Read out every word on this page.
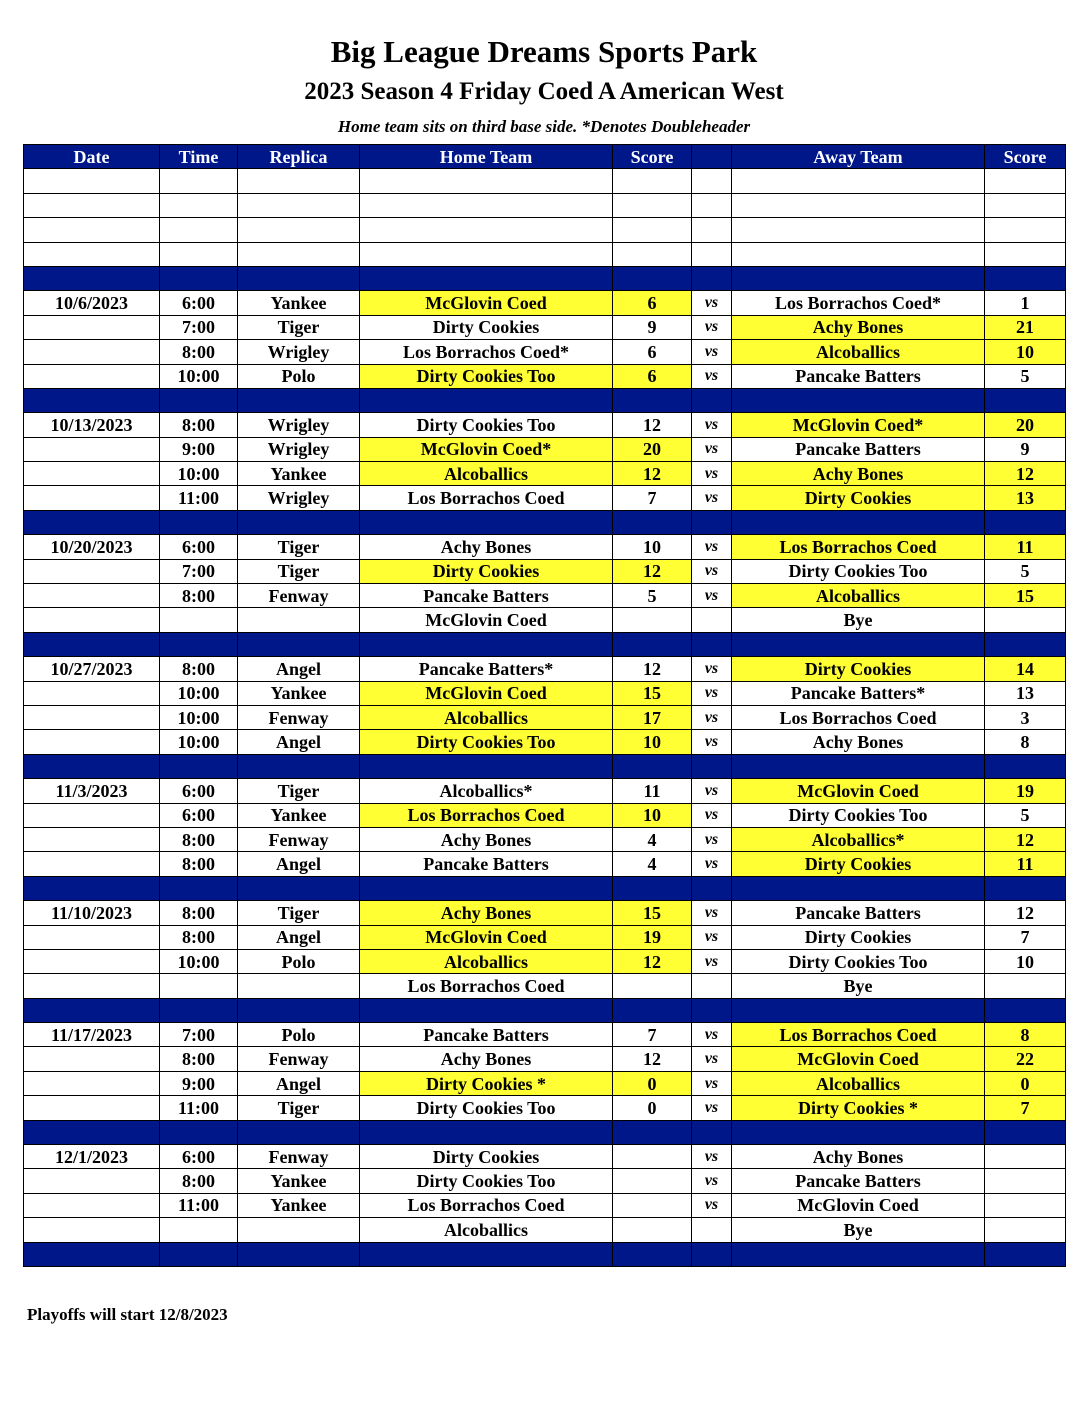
Big League Dreams Sports Park
2023 Season 4 Friday Coed A American West
Home team sits on third base side. *Denotes Doubleheader
Date	Time	Replica	Home Team	Score		Away Team	Score

10/6/2023	6:00	Yankee	McGlovin Coed	6	vs	Los Borrachos Coed*	1
	7:00	Tiger	Dirty Cookies	9	vs	Achy Bones	21
	8:00	Wrigley	Los Borrachos Coed*	6	vs	Alcoballics	10
	10:00	Polo	Dirty Cookies Too	6	vs	Pancake Batters	5

10/13/2023	8:00	Wrigley	Dirty Cookies Too	12	vs	McGlovin Coed*	20
	9:00	Wrigley	McGlovin Coed*	20	vs	Pancake Batters	9
	10:00	Yankee	Alcoballics	12	vs	Achy Bones	12
	11:00	Wrigley	Los Borrachos Coed	7	vs	Dirty Cookies	13

10/20/2023	6:00	Tiger	Achy Bones	10	vs	Los Borrachos Coed	11
	7:00	Tiger	Dirty Cookies	12	vs	Dirty Cookies Too	5
	8:00	Fenway	Pancake Batters	5	vs	Alcoballics	15
			McGlovin Coed			Bye	

10/27/2023	8:00	Angel	Pancake Batters*	12	vs	Dirty Cookies	14
	10:00	Yankee	McGlovin Coed	15	vs	Pancake Batters*	13
	10:00	Fenway	Alcoballics	17	vs	Los Borrachos Coed	3
	10:00	Angel	Dirty Cookies Too	10	vs	Achy Bones	8

11/3/2023	6:00	Tiger	Alcoballics*	11	vs	McGlovin Coed	19
	6:00	Yankee	Los Borrachos Coed	10	vs	Dirty Cookies Too	5
	8:00	Fenway	Achy Bones	4	vs	Alcoballics*	12
	8:00	Angel	Pancake Batters	4	vs	Dirty Cookies	11

11/10/2023	8:00	Tiger	Achy Bones	15	vs	Pancake Batters	12
	8:00	Angel	McGlovin Coed	19	vs	Dirty Cookies	7
	10:00	Polo	Alcoballics	12	vs	Dirty Cookies Too	10
			Los Borrachos Coed			Bye	

11/17/2023	7:00	Polo	Pancake Batters	7	vs	Los Borrachos Coed	8
	8:00	Fenway	Achy Bones	12	vs	McGlovin Coed	22
	9:00	Angel	Dirty Cookies *	0	vs	Alcoballics	0
	11:00	Tiger	Dirty Cookies Too	0	vs	Dirty Cookies *	7

12/1/2023	6:00	Fenway	Dirty Cookies		vs	Achy Bones	
	8:00	Yankee	Dirty Cookies Too		vs	Pancake Batters	
	11:00	Yankee	Los Borrachos Coed		vs	McGlovin Coed	
			Alcoballics			Bye	

Playoffs will start 12/8/2023
